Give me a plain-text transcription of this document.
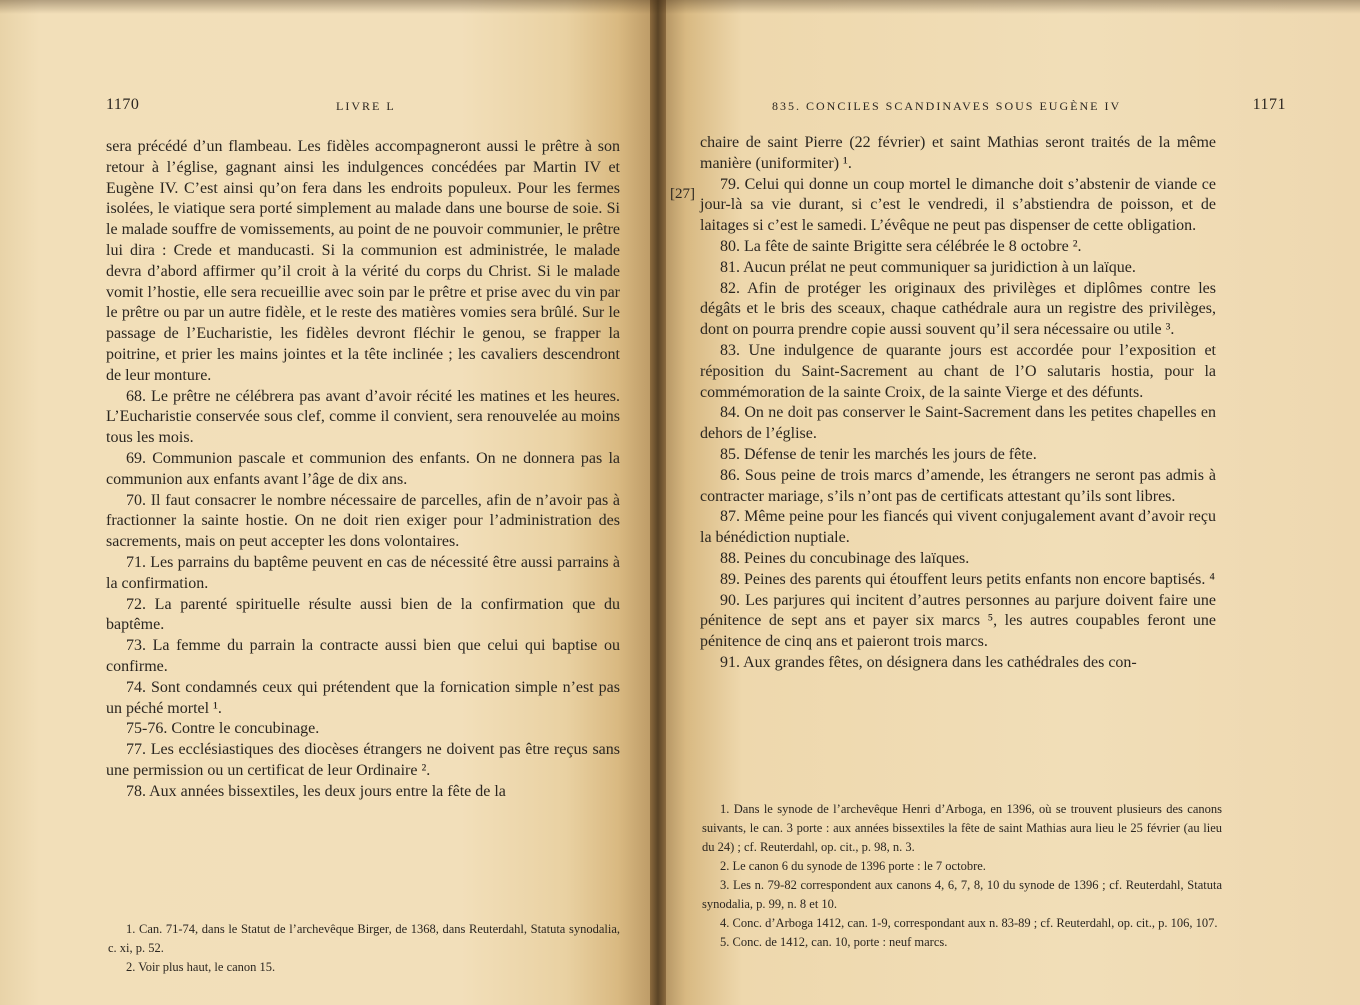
1170	LIVRE L

sera précédé d’un flambeau. Les fidèles accompagneront aussi le prêtre à son retour à l’église, gagnant ainsi les indulgences concédées par Martin IV et Eugène IV. C’est ainsi qu’on fera dans les endroits populeux. Pour les fermes isolées, le viatique sera porté simplement au malade dans une bourse de soie. Si le malade souffre de vomissements, au point de ne pouvoir communier, le prêtre lui dira : Crede et manducasti. Si la communion est administrée, le malade devra d’abord affirmer qu’il croit à la vérité du corps du Christ. Si le malade vomit l’hostie, elle sera recueillie avec soin par le prêtre et prise avec du vin par le prêtre ou par un autre fidèle, et le reste des matières vomies sera brûlé. Sur le passage de l’Eucharistie, les fidèles devront fléchir le genou, se frapper la poitrine, et prier les mains jointes et la tête inclinée ; les cavaliers descendront de leur monture.

68. Le prêtre ne célébrera pas avant d’avoir récité les matines et les heures. L’Eucharistie conservée sous clef, comme il convient, sera renouvelée au moins tous les mois.

69. Communion pascale et communion des enfants. On ne donnera pas la communion aux enfants avant l’âge de dix ans.

70. Il faut consacrer le nombre nécessaire de parcelles, afin de n’avoir pas à fractionner la sainte hostie. On ne doit rien exiger pour l’administration des sacrements, mais on peut accepter les dons volontaires.

71. Les parrains du baptême peuvent en cas de nécessité être aussi parrains à la confirmation.

72. La parenté spirituelle résulte aussi bien de la confirmation que du baptême.

73. La femme du parrain la contracte aussi bien que celui qui baptise ou confirme.

74. Sont condamnés ceux qui prétendent que la fornication simple n’est pas un péché mortel ¹.

75-76. Contre le concubinage.

77. Les ecclésiastiques des diocèses étrangers ne doivent pas être reçus sans une permission ou un certificat de leur Ordinaire ².

78. Aux années bissextiles, les deux jours entre la fête de la

1. Can. 71-74, dans le Statut de l’archevêque Birger, de 1368, dans Reuterdahl, Statuta synodalia, c. xi, p. 52.

2. Voir plus haut, le canon 15.

835. CONCILES SCANDINAVES SOUS EUGÈNE IV	1171
[27]

chaire de saint Pierre (22 février) et saint Mathias seront traités de la même manière (uniformiter) ¹.

79. Celui qui donne un coup mortel le dimanche doit s’abstenir de viande ce jour-là sa vie durant, si c’est le vendredi, il s’abstiendra de poisson, et de laitages si c’est le samedi. L’évêque ne peut pas dispenser de cette obligation.

80. La fête de sainte Brigitte sera célébrée le 8 octobre ².

81. Aucun prélat ne peut communiquer sa juridiction à un laïque.

82. Afin de protéger les originaux des privilèges et diplômes contre les dégâts et le bris des sceaux, chaque cathédrale aura un registre des privilèges, dont on pourra prendre copie aussi souvent qu’il sera nécessaire ou utile ³.

83. Une indulgence de quarante jours est accordée pour l’exposition et réposition du Saint-Sacrement au chant de l’O salutaris hostia, pour la commémoration de la sainte Croix, de la sainte Vierge et des défunts.

84. On ne doit pas conserver le Saint-Sacrement dans les petites chapelles en dehors de l’église.

85. Défense de tenir les marchés les jours de fête.

86. Sous peine de trois marcs d’amende, les étrangers ne seront pas admis à contracter mariage, s’ils n’ont pas de certificats attestant qu’ils sont libres.

87. Même peine pour les fiancés qui vivent conjugalement avant d’avoir reçu la bénédiction nuptiale.

88. Peines du concubinage des laïques.

89. Peines des parents qui étouffent leurs petits enfants non encore baptisés. ⁴

90. Les parjures qui incitent d’autres personnes au parjure doivent faire une pénitence de sept ans et payer six marcs ⁵, les autres coupables feront une pénitence de cinq ans et paieront trois marcs.

91. Aux grandes fêtes, on désignera dans les cathédrales des con-

1. Dans le synode de l’archevêque Henri d’Arboga, en 1396, où se trouvent plusieurs des canons suivants, le can. 3 porte : aux années bissextiles la fête de saint Mathias aura lieu le 25 février (au lieu du 24) ; cf. Reuterdahl, op. cit., p. 98, n. 3.

2. Le canon 6 du synode de 1396 porte : le 7 octobre.

3. Les n. 79-82 correspondent aux canons 4, 6, 7, 8, 10 du synode de 1396 ; cf. Reuterdahl, Statuta synodalia, p. 99, n. 8 et 10.

4. Conc. d’Arboga 1412, can. 1-9, correspondant aux n. 83-89 ; cf. Reuterdahl, op. cit., p. 106, 107.

5. Conc. de 1412, can. 10, porte : neuf marcs.
